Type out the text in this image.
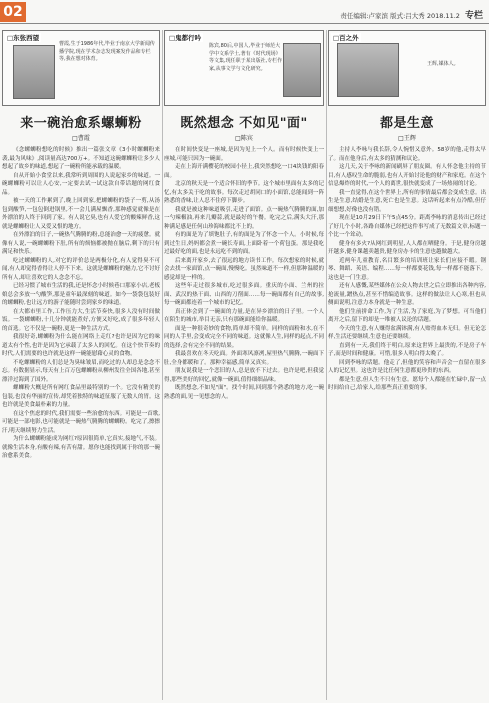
02	责任编辑:卢家滨 版式:吕大秀 2018.11.2 专栏
□东张西望
曹霞,生于1986年代,毕业于南京大学新闻传播学院,现在学术杂志发现案发作品和专栏等,我在想对体育。
来一碗治愈系螺蛳粉
□曹霞

《念螺蛳粉想吃的时候》推出一篇张文章《3小时螺蛳粉来袭,最为风味》,阅读量高达700万+。不知道这碗螺蛳粉让多少人想起了故乡的味道,想起了一碗粉所能承载的温暖。

自从开始小食堂以来,我常听到周围的人说起家乡的味道。一碗螺蛳粉可以让人心安,一定要去试一试这款自带话题的网红食品。

被一天的工作累到了,晚上回到家,把螺蛳粉的袋子一剪,从汤包到酸笋,一包包倒进锅里,不一会儿满屋飘香,那种感觉就像是在外漂泊的人终于回到了家。有人说它臭,也有人爱它的酸辣鲜香,这就是螺蛳粉让人又爱又恨的地方。

在外漂泊的日子,一碗热气腾腾的粉,总能治愈一天的疲惫。就像有人说,一碗螺蛳粉下肚,所有的烦恼都被抛在脑后,剩下的只有满足和快乐。

吃过螺蛳粉的人,对它的评价总是两极分化,有人觉得臭不可闻,有人却觉得香得让人停不下来。这就是螺蛳粉的魅力,它不讨好所有人,却让喜欢它的人念念不忘。

已经习惯了城市生活的我,还是怀念小时候巷口那家小店,老板娘总会多放一勺酸笋,那是童年最深刻的味道。如今一袋袋包装好的螺蛳粉,也让远方的游子能随时尝到家乡的味道。

在大都市里工作,工作压力大,生活节奏快,很多人没有时间做饭。一袋螺蛳粉,十几分钟就能煮好,方便又好吃,成了很多年轻人的首选。它不仅是一碗粉,更是一种生活方式。

我很好奇,螺蛳粉为什么能在网络上走红?也许是因为它的味道太有个性,也许是因为它承载了太多人的回忆。在这个快节奏的时代,人们需要的也许就是这样一碗能慰藉心灵的食物。

不吃螺蛳粉的人们总是为臭味皱眉,而吃过的人却总是念念不忘。有数据显示,每天有上百万包螺蛳粉从柳州发往全国各地,甚至漂洋过海到了国外。

螺蛳粉大概是所有网红食品里最特别的一个。它没有精美的包装,也没有华丽的宣传,却凭着独特的味道征服了无数人的胃。这也许就是美食最朴素的力量。

在这个焦虑的时代,我们需要一些治愈的东西。可能是一首歌,可能是一部电影,也可能就是一碗热气腾腾的螺蛳粉。吃完了,擦擦汗,明天继续努力生活。

为什么螺蛳粉能成为网红?原因很简单,它真实,接地气,不装。就像生活本身,有酸有辣,有苦有甜。愿你也能找到属于你的那一碗治愈系美食。

□鬼都行吟
陈宾,80后,中国人,毕业于师范大学中文系学士,著有《时代现场》等文集,现任职于某出版社,专栏作家,从事文学与文化研究。
既然想念 不如见"面"
□陈宾

在时间快变是一座城,是因为见上一个人。而有时候快变上一座城,可能只因为一碗面。

走在上海开满樱花的校园小径上,我突然想吃一口4块钱的阳春面。

北京的秋天是一个适合怀旧的季节。这个城市里面有太多的记忆,有太多关于吃的故事。每次走过胡同口的小面馆,总能闻到一阵熟悉的香味,让人忍不住停下脚步。

我就是被这种味道吸引,走进了面馆。点一碗热气腾腾的面,加一勺辣椒油,再来几瓣蒜,就是最好的午餐。吃完之后,满头大汗,那种满足感是任何山珍海味都比不上的。

有的面是为了填饱肚子,有的面是为了怀念一个人。小时候,每到过生日,妈妈都会煮一碗长寿面,上面卧着一个荷包蛋。那是我吃过最好吃的面,也是永远吃不到的面。

后来离开家乡,去了很远的地方读书工作。每次想家的时候,就会去找一家面馆,点一碗面,慢慢吃。虽然味道不一样,但那种温暖的感觉却是一样的。

这些年走过很多城市,吃过很多面。重庆的小面、兰州的拉面、武汉的热干面、山西的刀削面……每一碗面都有自己的故事,每一碗面都连着一个城市的记忆。

真正体会到了一碗面的力量,是在异乡漂泊的日子里。一个人在陌生的城市,举目无亲,只有那碗面能给你温暖。

面是一种很奇妙的食物,简单却不简单。同样的面粉和水,在不同的人手里,会变成完全不同的味道。这就像人生,同样的起点,不同的选择,会有完全不同的结果。

我最喜欢在冬天吃面。外面寒风凛冽,屋里热气腾腾,一碗面下肚,全身都暖和了。那种幸福感,简单又真实。

朋友说我是一个恋旧的人,总是放不下过去。也许是吧,但我觉得,那些美好的回忆,就像一碗面,值得细细品味。

既然想念,不如见"面"。找个时间,回到那个熟悉的地方,吃一碗熟悉的面,见一见想念的人。

□百之外
王辉,媒体人。
都是生意
□王辉

主持人李咏与我长辞,令人惋惜又意外。58岁的他,走得太早了。而在他身后,有太多的猜测和议论。

这几天,关于李咏的新闻刷屏了朋友圈。有人怀念他主持的节目,有人感叹生命的脆弱,也有人开始讨论他的财产和家庭。在这个信息爆炸的时代,一个人的离世,很快就变成了一场热闹的讨论。

我一直觉得,在这个世界上,所有的事情最后都会变成生意。出生是生意,结婚是生意,死亡也是生意。这话听起来有点冷酷,但仔细想想,好像也没有错。

现在是10月29日下午5点45分。距离李咏的消息传出已经过了好几个小时,各路自媒体已经把这件事写成了无数篇文章,标题一个比一个耸动。

健身有多火?从网红到明星,人人都在晒健身。于是,健身房越开越多,健身课越卖越贵,健身房办卡的生意也越做越大。

近两年儿童教育,名目繁多的培训班让家长们应接不暇。钢琴、舞蹈、英语、编程……每一样都要花钱,每一样都不能落下。这也是一门生意。

还有人感慨,某些媒体在公众人物去世之后立即推出各种内容,抢流量,蹭热点,甚至不惜编造故事。这样的做法让人心寒,但也从侧面说明,注意力本身就是一种生意。

他们生前拼命工作,为了生活,为了家庭,为了梦想。可当他们离开之后,留下的却是一堆被人议论的话题。

今天的生意,有人赚得盆满钵满,有人赔得血本无归。但无论怎样,生活还要继续,生意也还要继续。

直到有一天,我们终于明白,原来这世界上最贵的,不是房子车子,而是时间和健康。可惜,很多人明白得太晚了。

回到李咏的话题。他走了,但他的笑容和声音会一直留在很多人的记忆里。这也许是比任何生意都更珍贵的东西。

都是生意,但人生不只有生意。愿每个人都能在忙碌中,留一点时间给自己,给家人,给那些真正重要的事。
